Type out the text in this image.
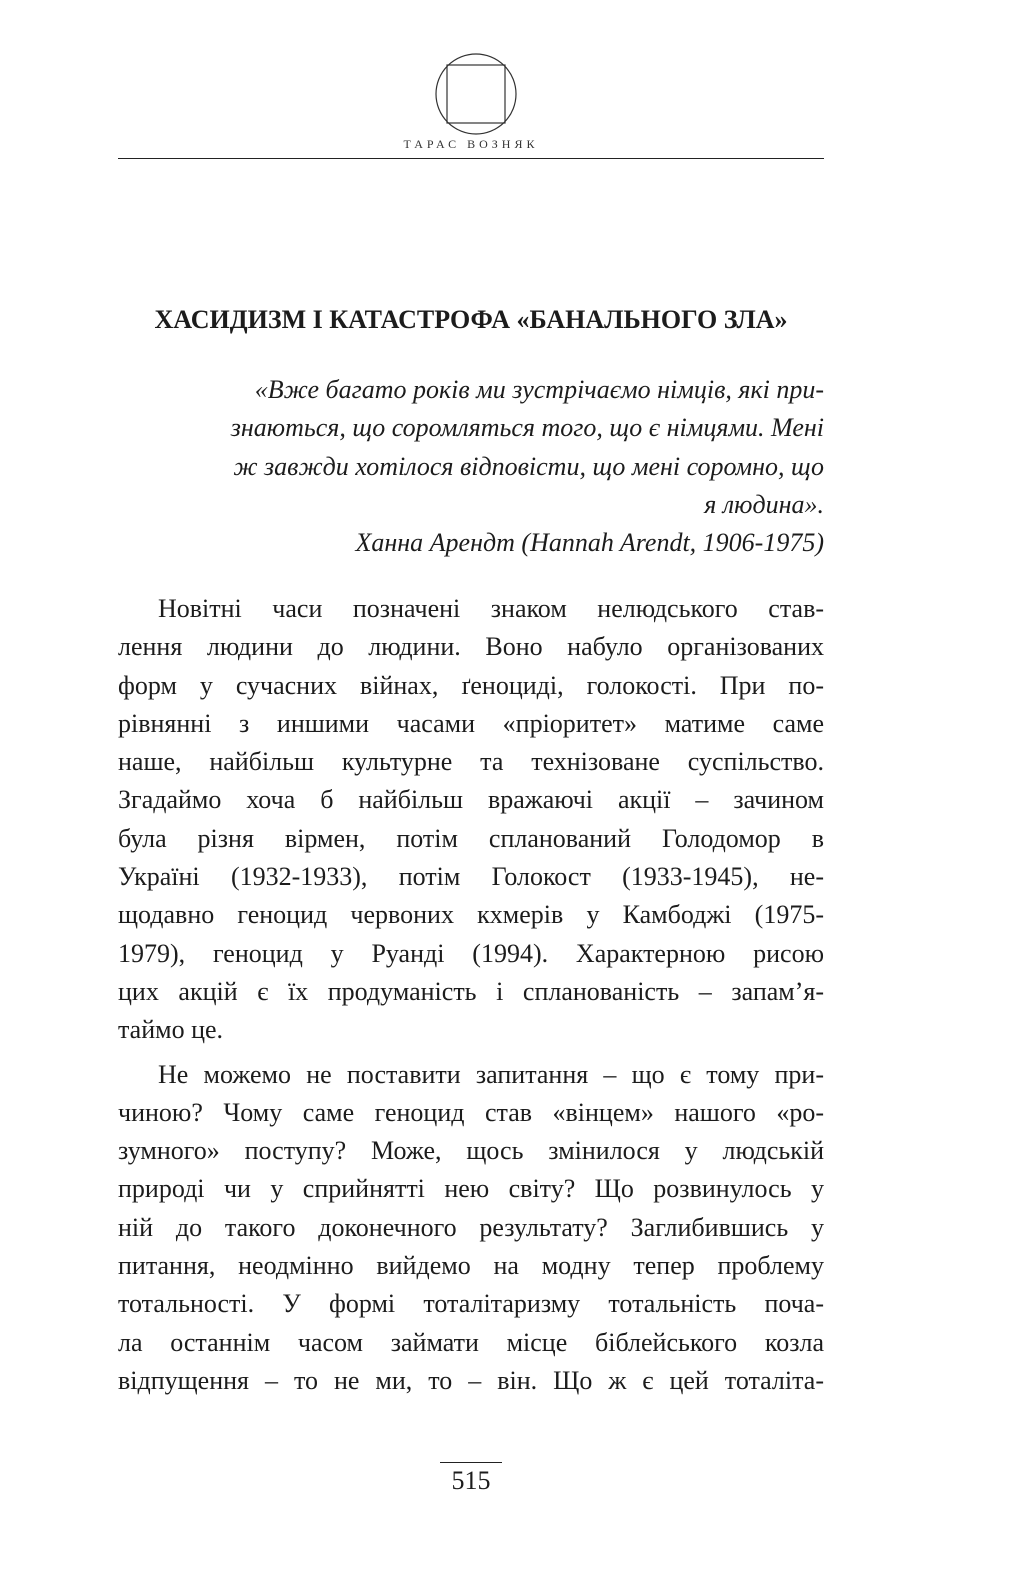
ТАРАС ВОЗНЯК
ХАСИДИЗМ І КАТАСТРОФА «БАНАЛЬНОГО ЗЛА»
«Вже багато років ми зустрічаємо німців, які при-
знаються, що соромляться того, що є німцями. Мені
ж завжди хотілося відповісти, що мені соромно, що
я людина».
Ханна Арендт (Hannah Arendt, 1906-1975)

Новітні часи позначені знаком нелюдського став-
лення людини до людини. Воно набуло організованих
форм у сучасних війнах, ґеноциді, голокості. При по-
рівнянні з иншими часами «пріоритет» матиме саме
наше, найбільш культурне та технізоване суспільство.
Згадаймо хоча б найбільш вражаючі акції – зачином
була різня вірмен, потім спланований Голодомор в
Україні (1932-1933), потім Голокост (1933-1945), не-
щодавно геноцид червоних кхмерів у Камбоджі (1975-
1979), геноцид у Руанді (1994). Характерною рисою
цих акцій є їх продуманість і спланованість – запам’я-
таймо це.

Не можемо не поставити запитання – що є тому при-
чиною? Чому саме геноцид став «вінцем» нашого «ро-
зумного» поступу? Може, щось змінилося у людській
природі чи у сприйнятті нею світу? Що розвинулось у
ній до такого доконечного результату? Заглибившись у
питання, неодмінно вийдемо на модну тепер проблему
тотальності. У формі тоталітаризму тотальність поча-
ла останнім часом займати місце біблейського козла
відпущення – то не ми, то – він. Що ж є цей тоталіта-

515
